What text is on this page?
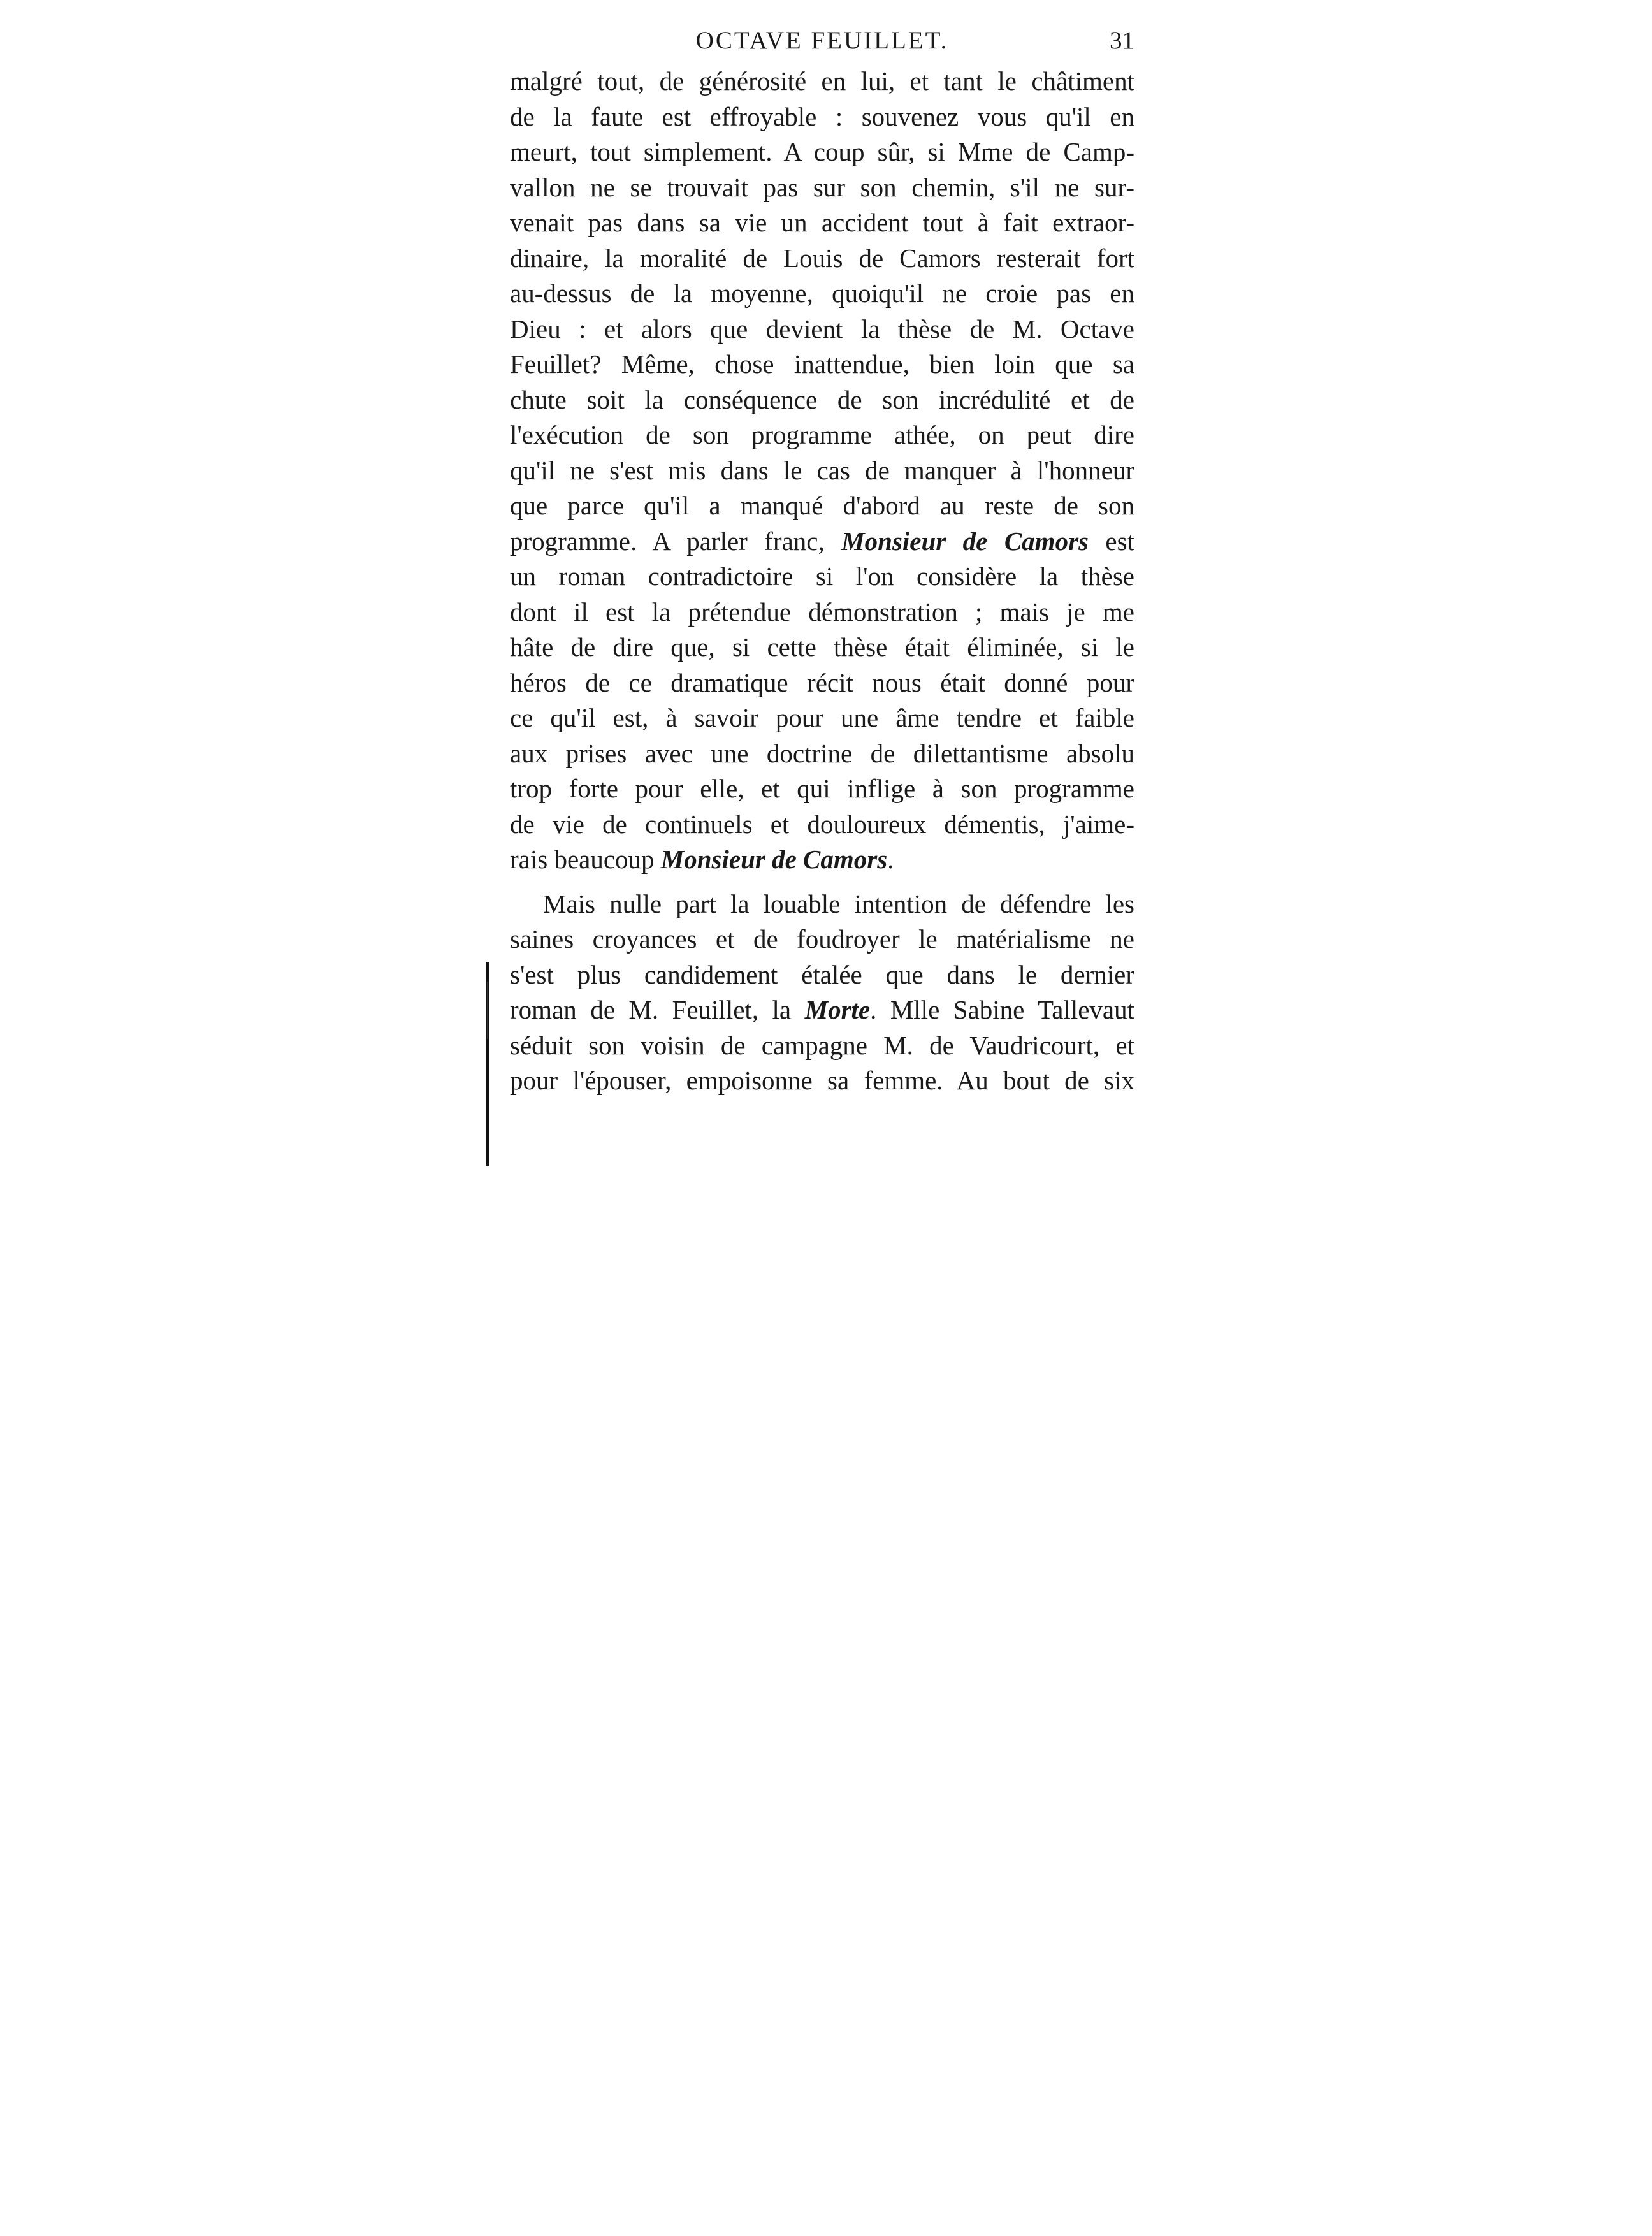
OCTAVE FEUILLET.	31
malgré tout, de générosité en lui, et tant le châtiment
de la faute est effroyable : souvenez vous qu'il en
meurt, tout simplement. A coup sûr, si Mme de Camp-
vallon ne se trouvait pas sur son chemin, s'il ne sur-
venait pas dans sa vie un accident tout à fait extraor-
dinaire, la moralité de Louis de Camors resterait fort
au-dessus de la moyenne, quoiqu'il ne croie pas en
Dieu : et alors que devient la thèse de M. Octave
Feuillet? Même, chose inattendue, bien loin que sa
chute soit la conséquence de son incrédulité et de
l'exécution de son programme athée, on peut dire
qu'il ne s'est mis dans le cas de manquer à l'honneur
que parce qu'il a manqué d'abord au reste de son
programme. A parler franc, Monsieur de Camors est
un roman contradictoire si l'on considère la thèse
dont il est la prétendue démonstration ; mais je me
hâte de dire que, si cette thèse était éliminée, si le
héros de ce dramatique récit nous était donné pour
ce qu'il est, à savoir pour une âme tendre et faible
aux prises avec une doctrine de dilettantisme absolu
trop forte pour elle, et qui inflige à son programme
de vie de continuels et douloureux démentis, j'aime-
rais beaucoup Monsieur de Camors.
Mais nulle part la louable intention de défendre les
saines croyances et de foudroyer le matérialisme ne
s'est plus candidement étalée que dans le dernier
roman de M. Feuillet, la Morte. Mlle Sabine Tallevaut
séduit son voisin de campagne M. de Vaudricourt, et
pour l'épouser, empoisonne sa femme. Au bout de six
